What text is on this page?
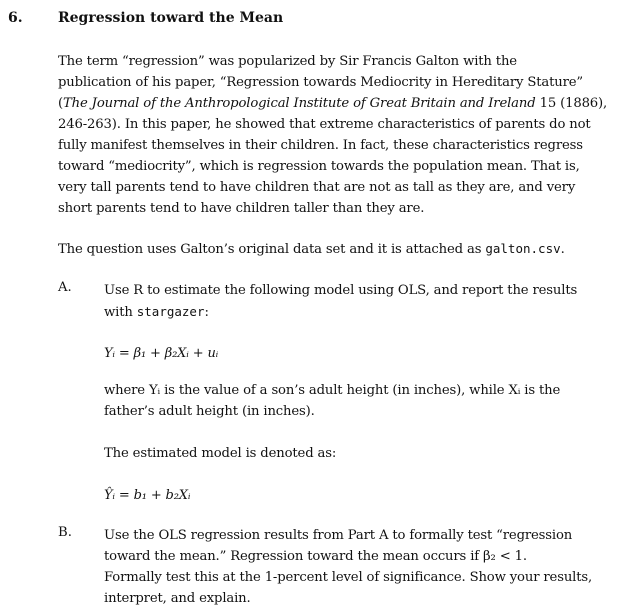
6.	Regression toward the Mean
The term “regression” was popularized by Sir Francis Galton with the
publication of his paper, “Regression towards Mediocrity in Hereditary Stature”
(The Journal of the Anthropological Institute of Great Britain and Ireland 15 (1886),
246-263). In this paper, he showed that extreme characteristics of parents do not
fully manifest themselves in their children. In fact, these characteristics regress
toward “mediocrity”, which is regression towards the population mean. That is,
very tall parents tend to have children that are not as tall as they are, and very
short parents tend to have children taller than they are.
The question uses Galton’s original data set and it is attached as galton.csv.
A. Use R to estimate the following model using OLS, and report the results
with stargazer:
Yᵢ = β₁ + β₂Xᵢ + uᵢ
where Yᵢ is the value of a son’s adult height (in inches), while Xᵢ is the
father’s adult height (in inches).
The estimated model is denoted as:
Ŷᵢ = b₁ + b₂Xᵢ
B. Use the OLS regression results from Part A to formally test “regression
toward the mean.” Regression toward the mean occurs if β₂ < 1.
Formally test this at the 1-percent level of significance. Show your results,
interpret, and explain.
